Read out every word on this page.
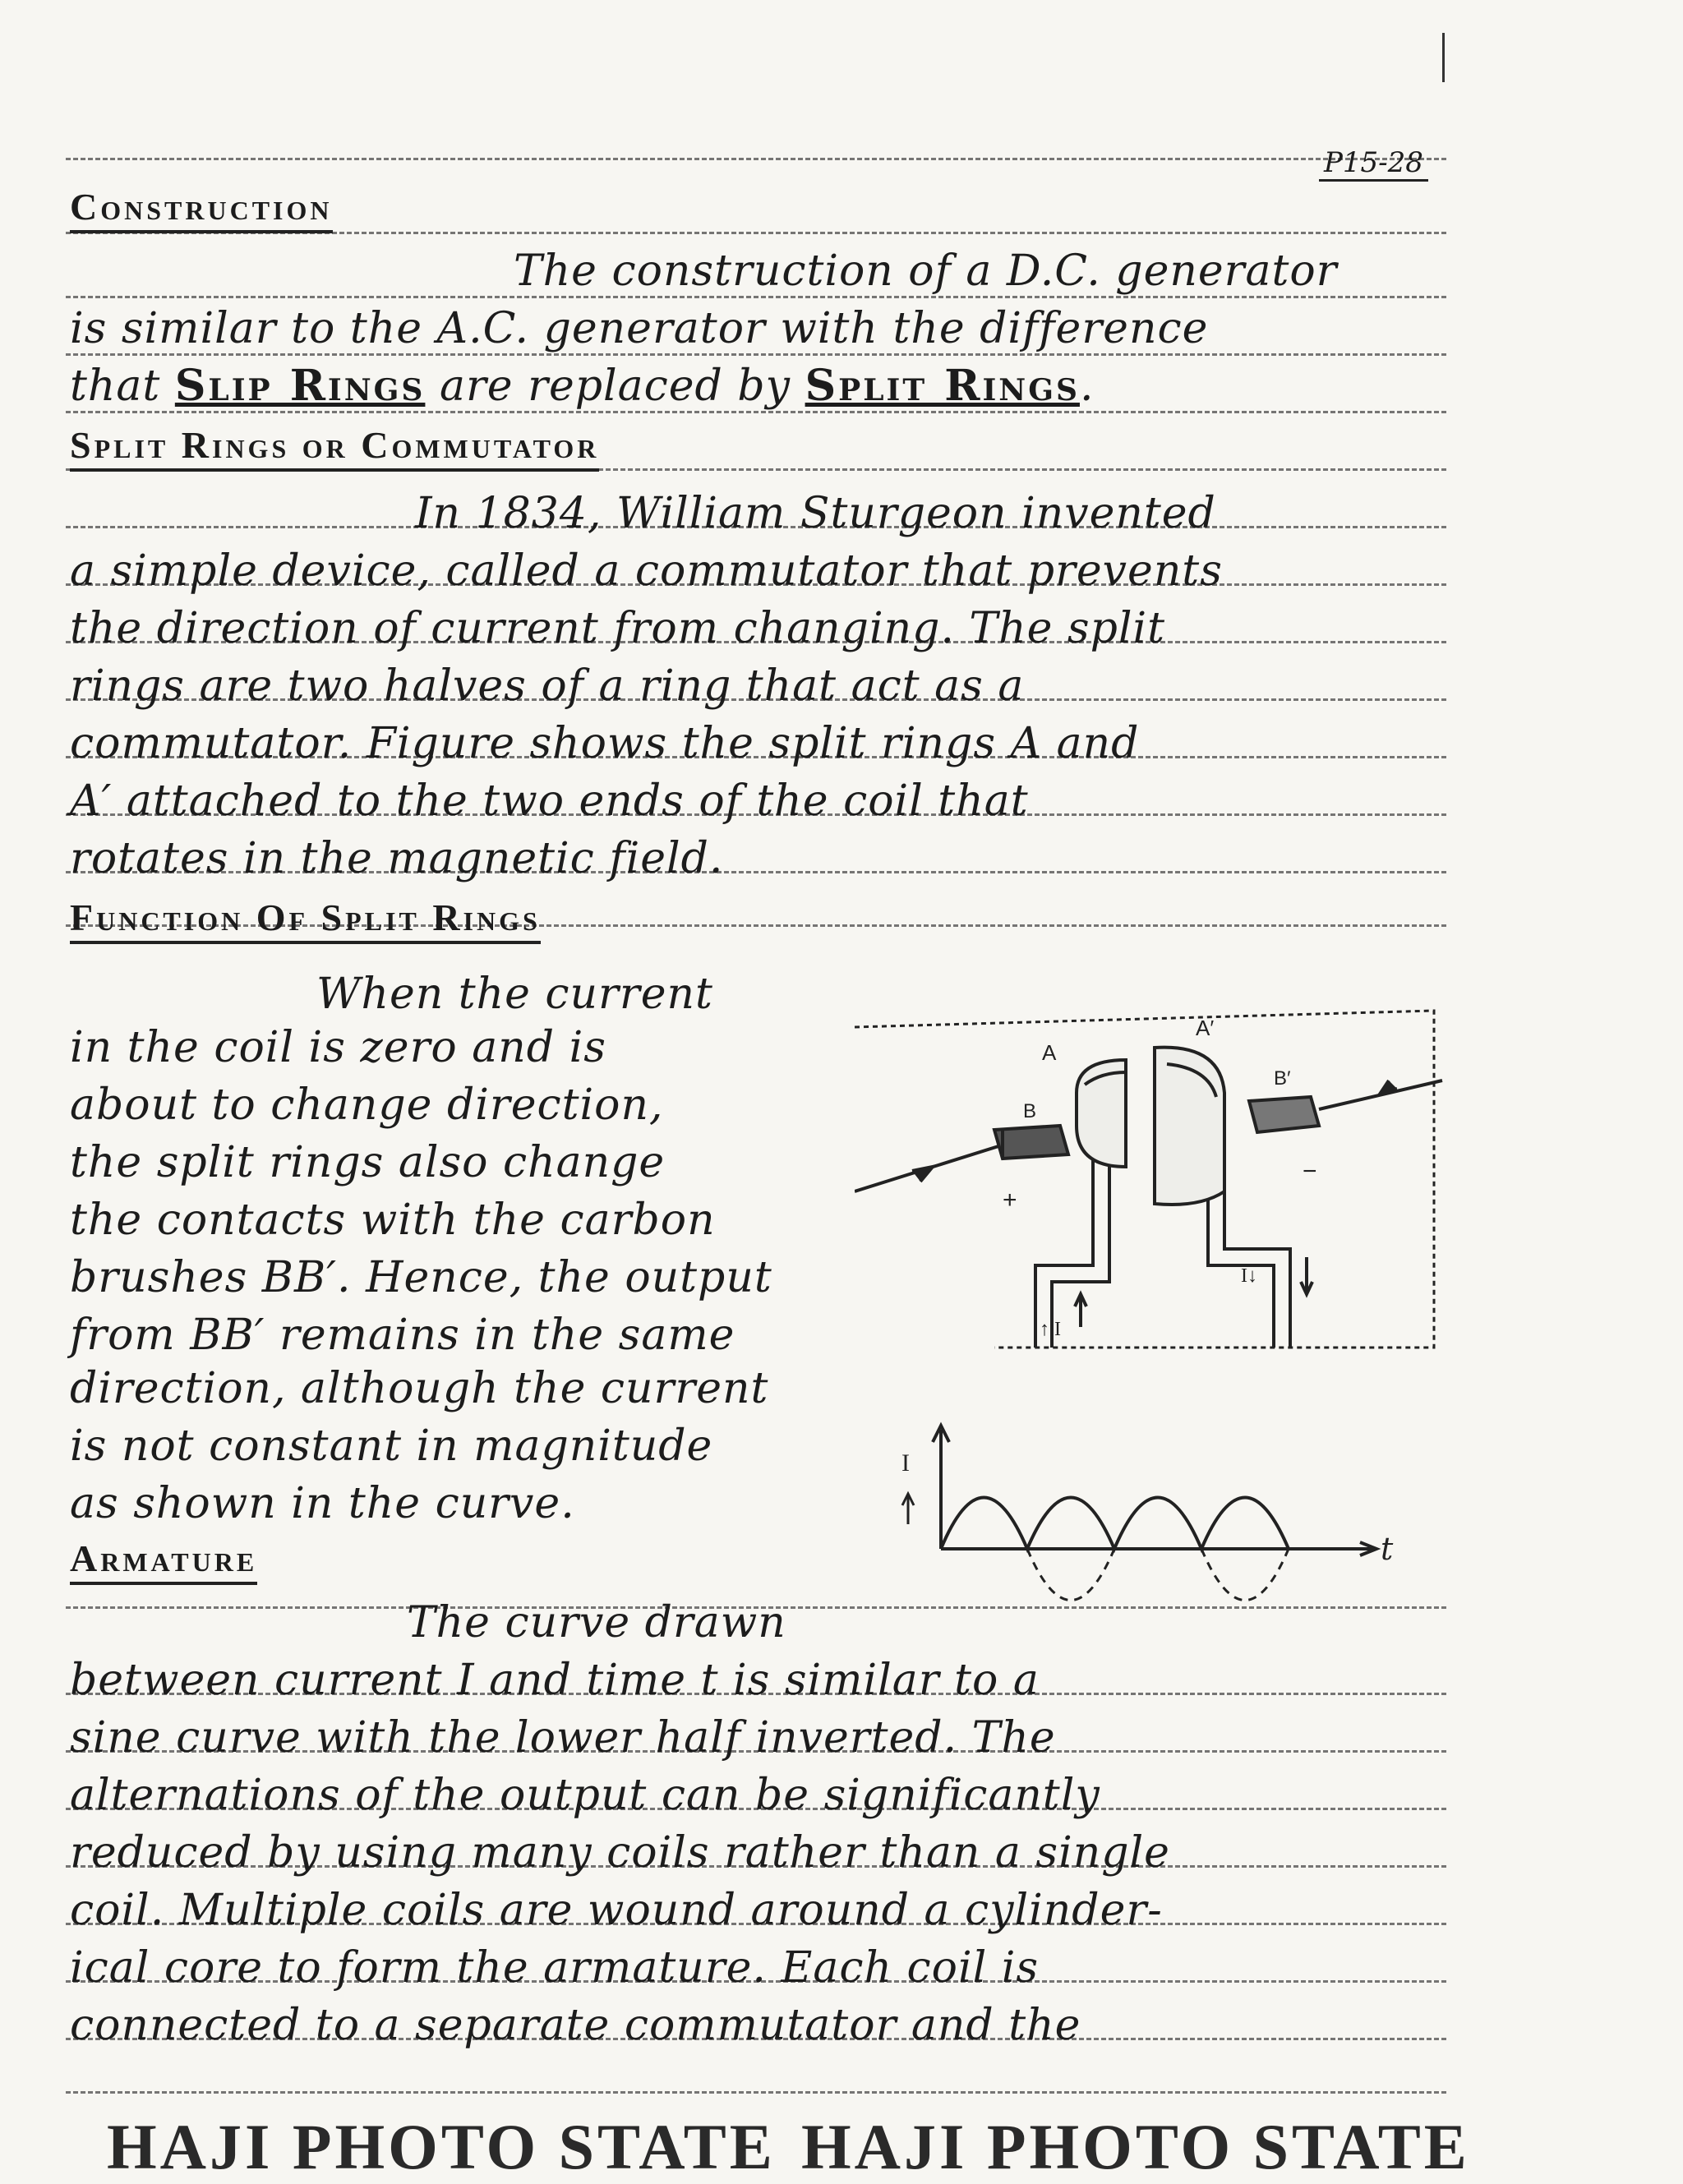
P15-28
Construction
The construction of a D.C. generator
is similar to the A.C. generator with the difference
that Slip Rings are replaced by Split Rings.
Split Rings or Commutator
In 1834, William Sturgeon invented
a simple device, called a commutator that prevents
the direction of current from changing. The split
rings are two halves of a ring that act as a
commutator. Figure shows the split rings A and
A′ attached to the two ends of the coil that
rotates in the magnetic field.
Function Of Split Rings
When the current
in the coil is zero and is
about to change direction,
the split rings also change
the contacts with the carbon
brushes BB′. Hence, the output
from BB′ remains in the same
direction, although the current
is not constant in magnitude
as shown in the curve.
A
A′
B
B′
+
−
↑ I
I↓
I
t
Armature
The curve drawn
between current I and time t is similar to a
sine curve with the lower half inverted. The
alternations of the output can be significantly
reduced by using many coils rather than a single
coil. Multiple coils are wound around a cylinder-
ical core to form the armature. Each coil is
connected to a separate commutator and the
HAJI PHOTO STATE HAJI PHOTO STATE
